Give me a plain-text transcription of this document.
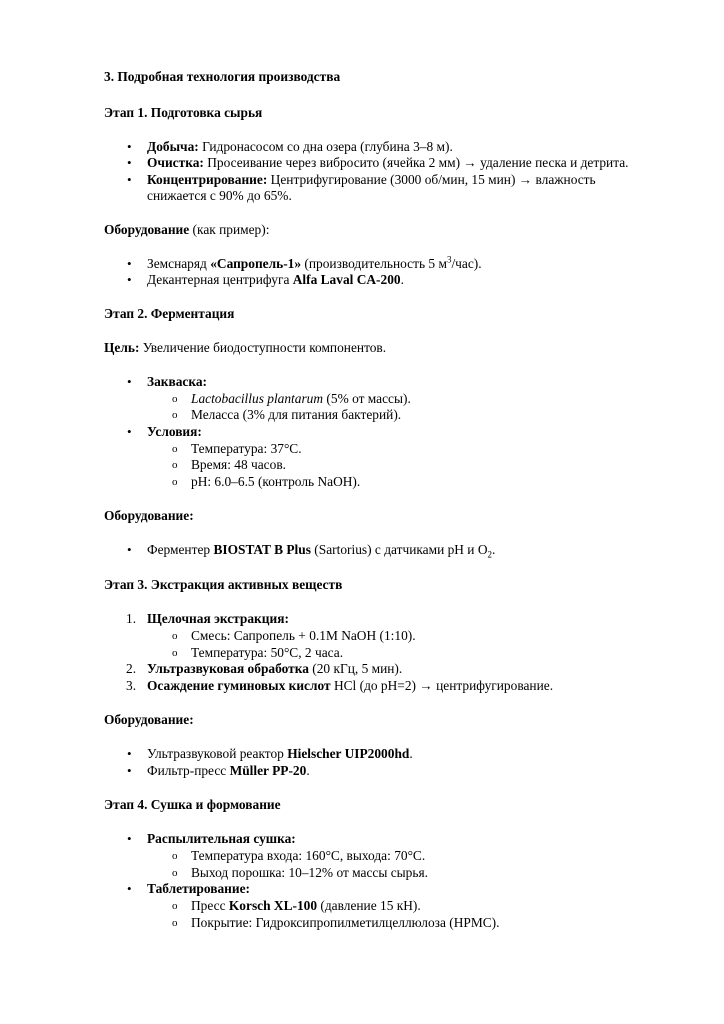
3. Подробная технология производства
Этап 1. Подготовка сырья
• Добыча: Гидронасосом со дна озера (глубина 3–8 м).
• Очистка: Просеивание через вибросито (ячейка 2 мм) → удаление песка и детрита.
• Концентрирование: Центрифугирование (3000 об/мин, 15 мин) → влажность
снижается с 90% до 65%.
Оборудование (как пример):
• Земснаряд «Сапропель-1» (производительность 5 $м^3/час$).
• Декантерная центрифуга Alfa Laval CA-200.
Этап 2. Ферментация
Цель: Увеличение биодоступности компонентов.
• Закваска:
o Lactobacillus plantarum (5% от массы).
o Меласса (3% для питания бактерий).
• Условия:
o Температура: 37°C.
o Время: 48 часов.
o pH: 6.0–6.5 (контроль NaOH).
Оборудование:
• Ферментер BIOSTAT B Plus (Sartorius) с датчиками pH и $O_2$.
Этап 3. Экстракция активных веществ
1. Щелочная экстракция:
o Смесь: Сапропель + 0.1M NaOH (1:10).
o Температура: 50°C, 2 часа.
2. Ультразвуковая обработка (20 кГц, 5 мин).
3. Осаждение гуминовых кислот HCl (до pH=2) → центрифугирование.
Оборудование:
• Ультразвуковой реактор Hielscher UIP2000hd.
• Фильтр-пресс Müller PP-20.
Этап 4. Сушка и формование
• Распылительная сушка:
o Температура входа: 160°C, выхода: 70°C.
o Выход порошка: 10–12% от массы сырья.
• Таблетирование:
o Пресс Korsch XL-100 (давление 15 кН).
o Покрытие: Гидроксипропилметилцеллюлоза (HPMC).
